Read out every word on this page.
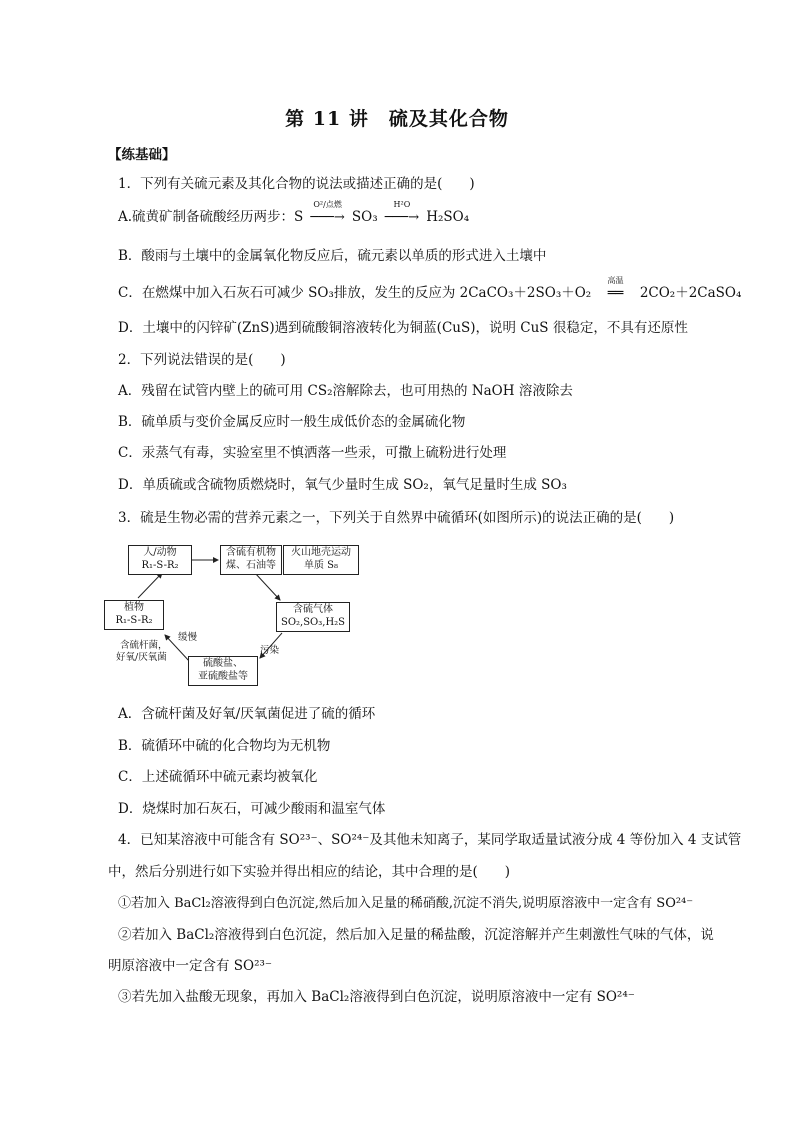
第 11 讲　硫及其化合物
【练基础】
1．下列有关硫元素及其化合物的说法或描述正确的是(　　)
A.硫黄矿制备硫酸经历两步：S
O²/点燃
───→ SO₃
H²O
───→ H₂SO₄
B．酸雨与土壤中的金属氧化物反应后，硫元素以单质的形式进入土壤中
C．在燃煤中加入石灰石可减少 SO₃排放，发生的反应为 2CaCO₃＋2SO₃＋O₂
高温
══ 2CO₂＋2CaSO₄
D．土壤中的闪锌矿(ZnS)遇到硫酸铜溶液转化为铜蓝(CuS)，说明 CuS 很稳定，不具有还原性
2．下列说法错误的是(　　)
A．残留在试管内壁上的硫可用 CS₂溶解除去，也可用热的 NaOH 溶液除去
B．硫单质与变价金属反应时一般生成低价态的金属硫化物
C．汞蒸气有毒，实验室里不慎洒落一些汞，可撒上硫粉进行处理
D．单质硫或含硫物质燃烧时，氧气少量时生成 SO₂，氧气足量时生成 SO₃
3．硫是生物必需的营养元素之一，下列关于自然界中硫循环(如图所示)的说法正确的是(　　)
人/动物
R₁-S-R₂
含硫有机物
煤、石油等
火山地壳运动
单质 S₈
植物
R₁-S-R₂
含硫气体
SO₂,SO₃,H₂S
硫酸盐、
亚硫酸盐等
缓慢
含硫杆菌，
好氧/厌氧菌
污染
A．含硫杆菌及好氧/厌氧菌促进了硫的循环
B．硫循环中硫的化合物均为无机物
C．上述硫循环中硫元素均被氧化
D．烧煤时加石灰石，可减少酸雨和温室气体
4．已知某溶液中可能含有 SO²³⁻、SO²⁴⁻及其他未知离子，某同学取适量试液分成 4 等份加入 4 支试管
中，然后分别进行如下实验并得出相应的结论，其中合理的是(　　)
①若加入 BaCl₂溶液得到白色沉淀,然后加入足量的稀硝酸,沉淀不消失,说明原溶液中一定含有 SO²⁴⁻
②若加入 BaCl₂溶液得到白色沉淀，然后加入足量的稀盐酸，沉淀溶解并产生刺激性气味的气体，说
明原溶液中一定含有 SO²³⁻
③若先加入盐酸无现象，再加入 BaCl₂溶液得到白色沉淀，说明原溶液中一定有 SO²⁴⁻
